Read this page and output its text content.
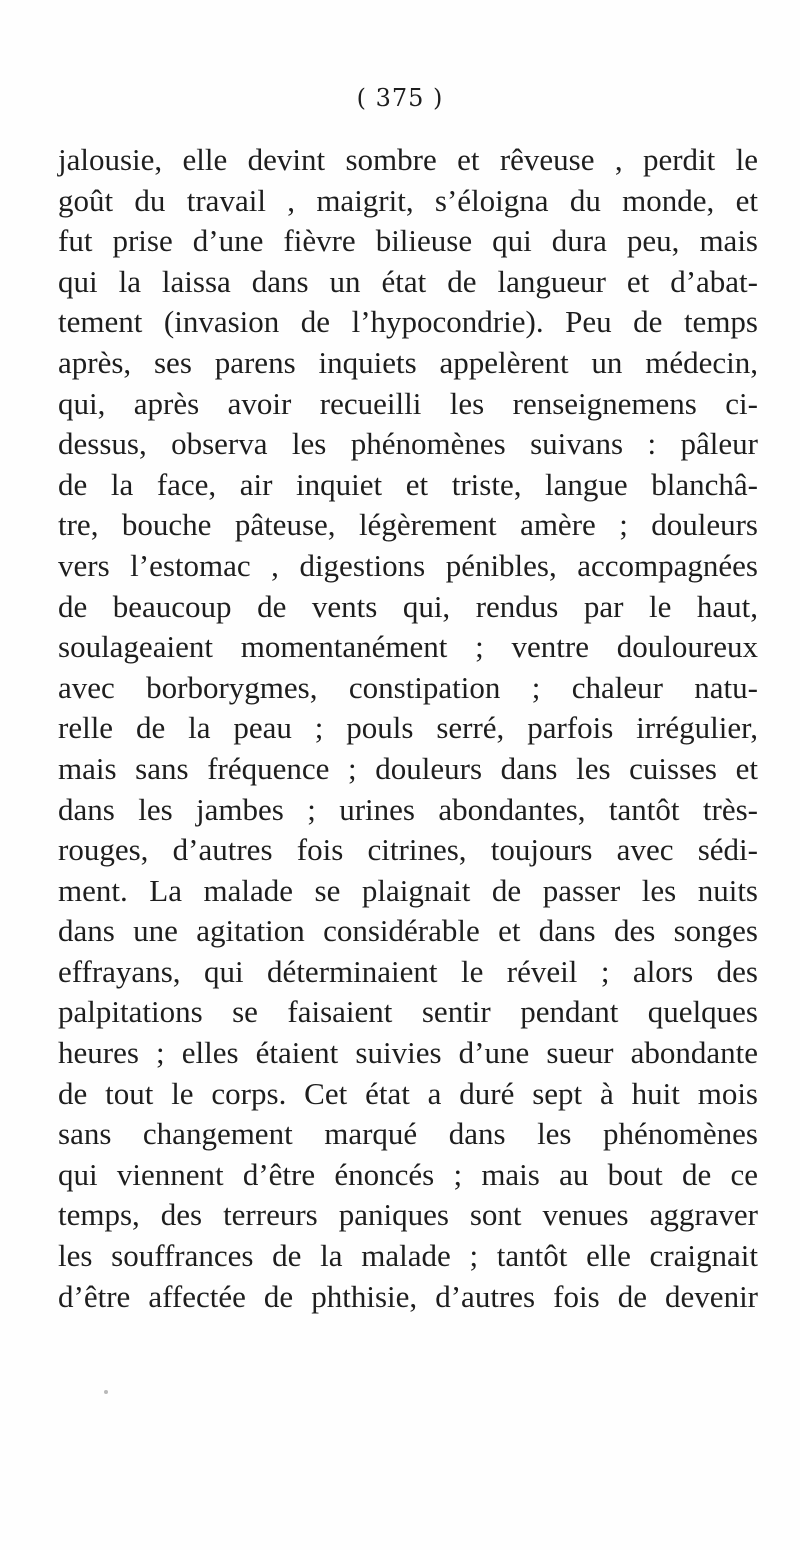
( 375 )
jalousie, elle devint sombre et rêveuse , perdit le
goût du travail , maigrit, s’éloigna du monde, et
fut prise d’une fièvre bilieuse qui dura peu, mais
qui la laissa dans un état de langueur et d’abat-
tement (invasion de l’hypocondrie). Peu de temps
après, ses parens inquiets appelèrent un médecin,
qui, après avoir recueilli les renseignemens ci-
dessus, observa les phénomènes suivans : pâleur
de la face, air inquiet et triste, langue blanchâ-
tre, bouche pâteuse, légèrement amère ; douleurs
vers l’estomac , digestions pénibles, accompagnées
de beaucoup de vents qui, rendus par le haut,
soulageaient momentanément ; ventre douloureux
avec borborygmes, constipation ; chaleur natu-
relle de la peau ; pouls serré, parfois irrégulier,
mais sans fréquence ; douleurs dans les cuisses et
dans les jambes ; urines abondantes, tantôt très-
rouges, d’autres fois citrines, toujours avec sédi-
ment. La malade se plaignait de passer les nuits
dans une agitation considérable et dans des songes
effrayans, qui déterminaient le réveil ; alors des
palpitations se faisaient sentir pendant quelques
heures ; elles étaient suivies d’une sueur abondante
de tout le corps. Cet état a duré sept à huit mois
sans changement marqué dans les phénomènes
qui viennent d’être énoncés ; mais au bout de ce
temps, des terreurs paniques sont venues aggraver
les souffrances de la malade ; tantôt elle craignait
d’être affectée de phthisie, d’autres fois de devenir
